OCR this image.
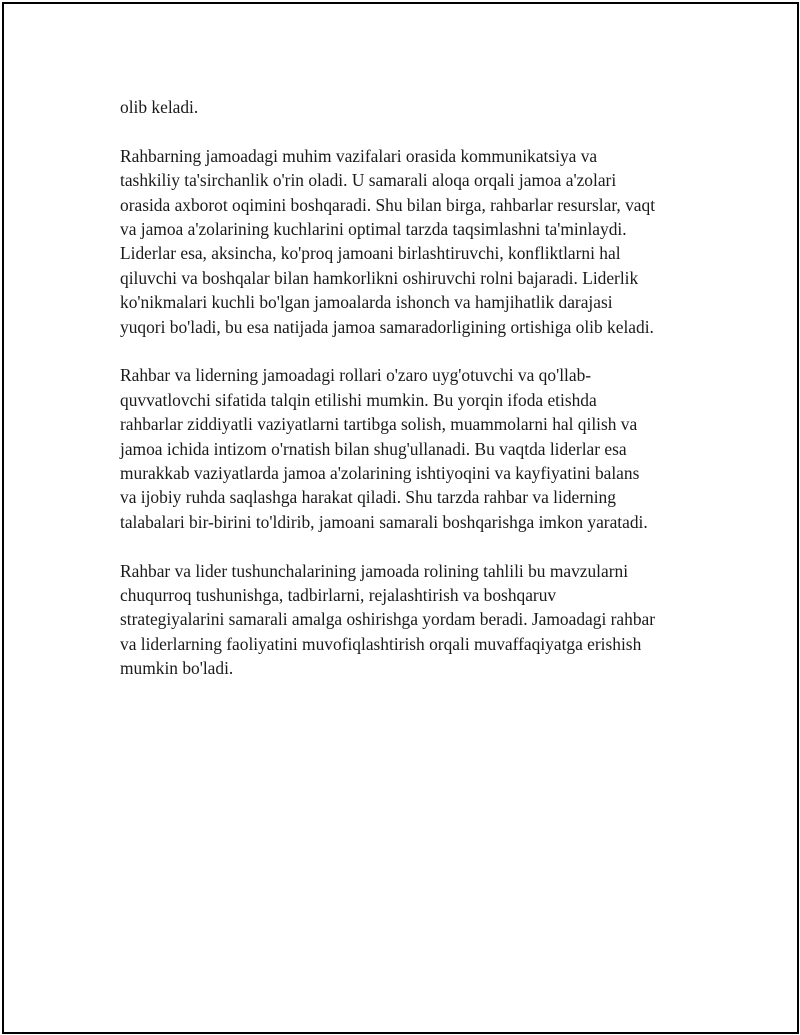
olib keladi.

Rahbarning jamoadagi muhim vazifalari orasida kommunikatsiya va
tashkiliy ta'sirchanlik o'rin oladi. U samarali aloqa orqali jamoa a'zolari
orasida axborot oqimini boshqaradi. Shu bilan birga, rahbarlar resurslar, vaqt
va jamoa a'zolarining kuchlarini optimal tarzda taqsimlashni ta'minlaydi.
Liderlar esa, aksincha, ko'proq jamoani birlashtiruvchi, konfliktlarni hal
qiluvchi va boshqalar bilan hamkorlikni oshiruvchi rolni bajaradi. Liderlik
ko'nikmalari kuchli bo'lgan jamoalarda ishonch va hamjihatlik darajasi
yuqori bo'ladi, bu esa natijada jamoa samaradorligining ortishiga olib keladi.

Rahbar va liderning jamoadagi rollari o'zaro uyg'otuvchi va qo'llab-
quvvatlovchi sifatida talqin etilishi mumkin. Bu yorqin ifoda etishda
rahbarlar ziddiyatli vaziyatlarni tartibga solish, muammolarni hal qilish va
jamoa ichida intizom o'rnatish bilan shug'ullanadi. Bu vaqtda liderlar esa
murakkab vaziyatlarda jamoa a'zolarining ishtiyoqini va kayfiyatini balans
va ijobiy ruhda saqlashga harakat qiladi. Shu tarzda rahbar va liderning
talabalari bir-birini to'ldirib, jamoani samarali boshqarishga imkon yaratadi.

Rahbar va lider tushunchalarining jamoada rolining tahlili bu mavzularni
chuqurroq tushunishga, tadbirlarni, rejalashtirish va boshqaruv
strategiyalarini samarali amalga oshirishga yordam beradi. Jamoadagi rahbar
va liderlarning faoliyatini muvofiqlashtirish orqali muvaffaqiyatga erishish
mumkin bo'ladi.
